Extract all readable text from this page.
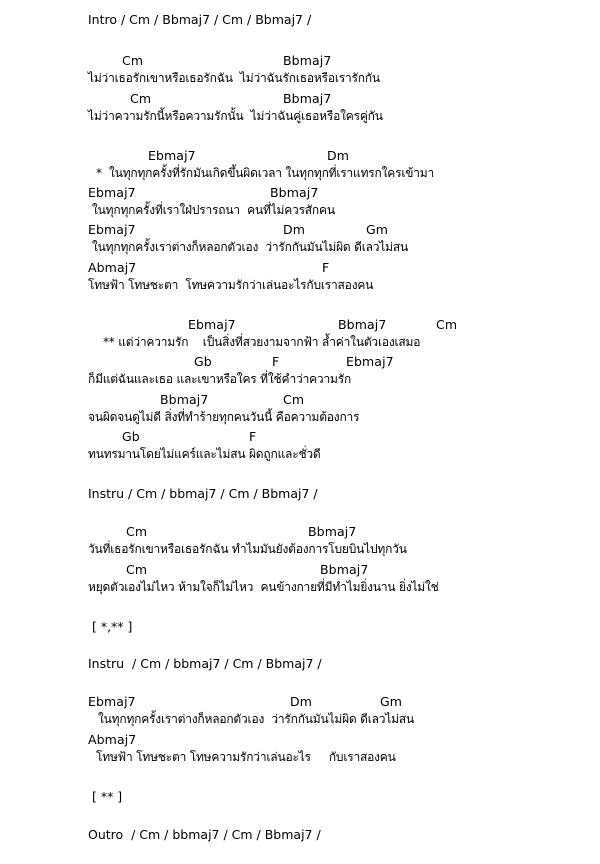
Intro / Cm / Bbmaj7 / Cm / Bbmaj7 /
Cm	Bbmaj7
ไม่ว่าเธอรักเขาหรือเธอรักฉัน  ไม่ว่าฉันรักเธอหรือเรารักกัน
Cm	Bbmaj7
ไม่ว่าความรักนี้หรือความรักนั้น  ไม่ว่าฉันคู่เธอหรือใครคู่กัน
Ebmaj7	Dm
*  ในทุกทุกครั้งที่รักมันเกิดขึ้นผิดเวลา ในทุกทุกที่เราแทรกใครเข้ามา
Ebmaj7	Bbmaj7
ในทุกทุกครั้งที่เราใฝ่ปรารถนา  คนที่ไม่ควรสักคน
Ebmaj7	Dm	Gm
ในทุกทุกครั้งเราต่างก็หลอกตัวเอง  ว่ารักกันมันไม่ผิด ดีเลวไม่สน
Abmaj7	F
โทษฟ้า โทษชะตา  โทษความรักว่าเล่นอะไรกับเราสองคน
Ebmaj7	Bbmaj7	Cm
** แต่ว่าความรัก    เป็นสิ่งที่สวยงามจากฟ้า ล้ำค่าในตัวเองเสมอ
Gb	F	Ebmaj7
ก็มีแต่ฉันและเธอ และเขาหรือใคร ที่ใช้คำว่าความรัก
Bbmaj7	Cm
จนผิดจนดูไม่ดี สิ่งที่ทำร้ายทุกคนวันนี้ คือความต้องการ
Gb	F
ทนทรมานโดยไม่แคร์และไม่สน ผิดถูกและชั่วดี
Instru / Cm / bbmaj7 / Cm / Bbmaj7 /
Cm	Bbmaj7
วันที่เธอรักเขาหรือเธอรักฉัน ทำไมมันยังต้องการโบยบินไปทุกวัน
Cm	Bbmaj7
หยุดตัวเองไม่ไหว ห้ามใจก็ไม่ไหว  คนข้างกายที่มีทำไมยิ่งนาน ยิ่งไม่ใช่
[ *,** ]
Instru  / Cm / bbmaj7 / Cm / Bbmaj7 /
Ebmaj7	Dm	Gm
ในทุกทุกครั้งเราต่างก็หลอกตัวเอง  ว่ารักกันมันไม่ผิด ดีเลวไม่สน
Abmaj7
โทษฟ้า โทษชะตา โทษความรักว่าเล่นอะไร     กับเราสองคน
[ ** ]
Outro  / Cm / bbmaj7 / Cm / Bbmaj7 /
